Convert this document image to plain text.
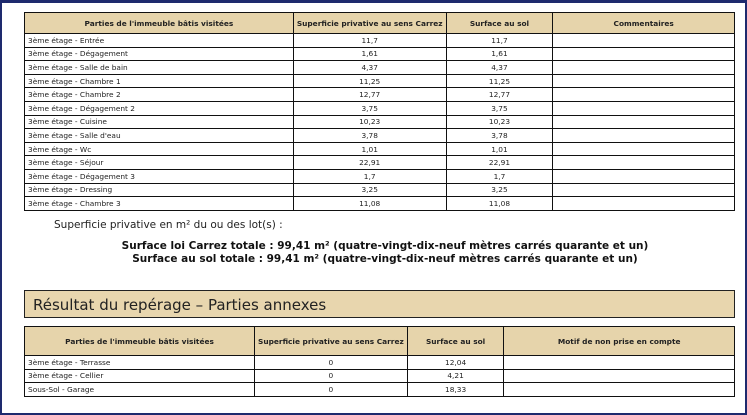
Parties de l'immeuble bâtis visitées	Superficie privative au sens Carrez	Surface au sol	Commentaires
3ème étage - Entrée	11,7	11,7	
3ème étage - Dégagement	1,61	1,61	
3ème étage - Salle de bain	4,37	4,37	
3ème étage - Chambre 1	11,25	11,25	
3ème étage - Chambre 2	12,77	12,77	
3ème étage - Dégagement 2	3,75	3,75	
3ème étage - Cuisine	10,23	10,23	
3ème étage - Salle d'eau	3,78	3,78	
3ème étage - Wc	1,01	1,01	
3ème étage - Séjour	22,91	22,91	
3ème étage - Dégagement 3	1,7	1,7	
3ème étage - Dressing	3,25	3,25	
3ème étage - Chambre 3	11,08	11,08	
Superficie privative en m² du ou des lot(s) :
Surface loi Carrez totale : 99,41 m² (quatre-vingt-dix-neuf mètres carrés quarante et un)
Surface au sol totale : 99,41 m² (quatre-vingt-dix-neuf mètres carrés quarante et un)
Résultat du repérage – Parties annexes
Parties de l'immeuble bâtis visitées	Superficie privative au sens Carrez	Surface au sol	Motif de non prise en compte
3ème étage - Terrasse	0	12,04	
3ème étage - Cellier	0	4,21	
Sous-Sol - Garage	0	18,33	
